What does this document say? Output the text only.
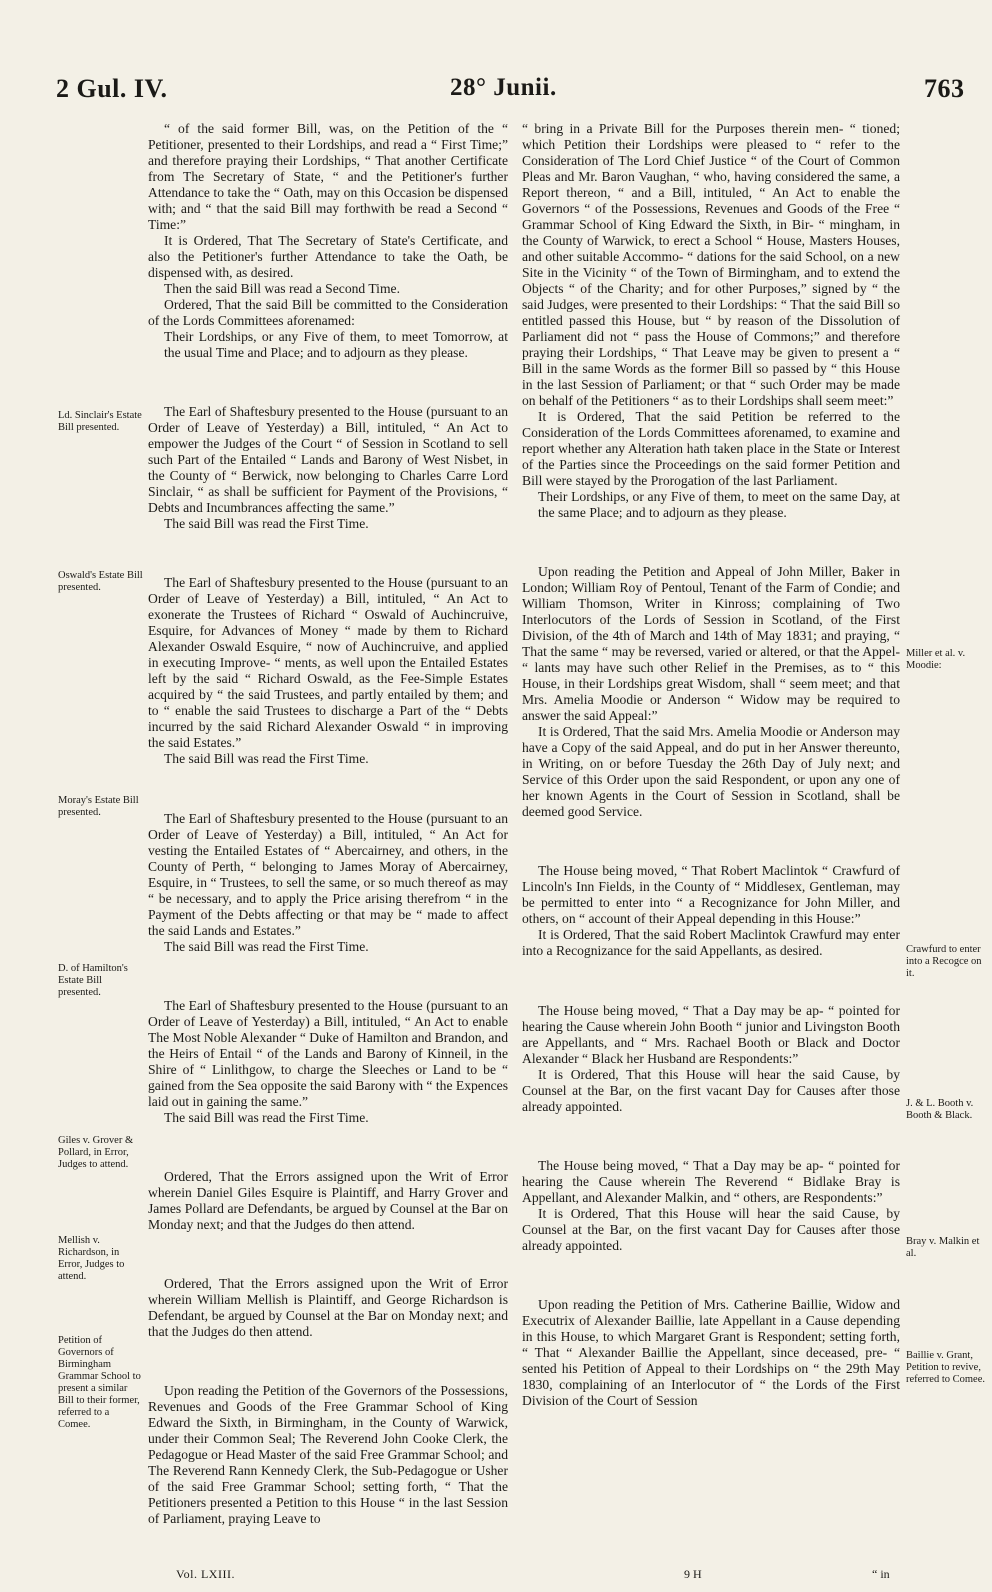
2 Gul. IV.	28° Junii.	763

“ of the said former Bill, was, on the Petition of the “ Petitioner, presented to their Lordships, and read a “ First Time;” and therefore praying their Lordships, “ That another Certificate from The Secretary of State, “ and the Petitioner's further Attendance to take the “ Oath, may on this Occasion be dispensed with; and “ that the said Bill may forthwith be read a Second “ Time:”

It is Ordered, That The Secretary of State's Certificate, and also the Petitioner's further Attendance to take the Oath, be dispensed with, as desired.

Then the said Bill was read a Second Time.

Ordered, That the said Bill be committed to the Consideration of the Lords Committees aforenamed:

Their Lordships, or any Five of them, to meet Tomorrow, at the usual Time and Place; and to adjourn as they please.

The Earl of Shaftesbury presented to the House (pursuant to an Order of Leave of Yesterday) a Bill, intituled, “ An Act to empower the Judges of the Court “ of Session in Scotland to sell such Part of the Entailed “ Lands and Barony of West Nisbet, in the County of “ Berwick, now belonging to Charles Carre Lord Sinclair, “ as shall be sufficient for Payment of the Provisions, “ Debts and Incumbrances affecting the same.”

The said Bill was read the First Time.

The Earl of Shaftesbury presented to the House (pursuant to an Order of Leave of Yesterday) a Bill, intituled, “ An Act to exonerate the Trustees of Richard “ Oswald of Auchincruive, Esquire, for Advances of Money “ made by them to Richard Alexander Oswald Esquire, “ now of Auchincruive, and applied in executing Improve- “ ments, as well upon the Entailed Estates left by the said “ Richard Oswald, as the Fee-Simple Estates acquired by “ the said Trustees, and partly entailed by them; and to “ enable the said Trustees to discharge a Part of the “ Debts incurred by the said Richard Alexander Oswald “ in improving the said Estates.”

The said Bill was read the First Time.

The Earl of Shaftesbury presented to the House (pursuant to an Order of Leave of Yesterday) a Bill, intituled, “ An Act for vesting the Entailed Estates of “ Abercairney, and others, in the County of Perth, “ belonging to James Moray of Abercairney, Esquire, in “ Trustees, to sell the same, or so much thereof as may “ be necessary, and to apply the Price arising therefrom “ in the Payment of the Debts affecting or that may be “ made to affect the said Lands and Estates.”

The said Bill was read the First Time.

The Earl of Shaftesbury presented to the House (pursuant to an Order of Leave of Yesterday) a Bill, intituled, “ An Act to enable The Most Noble Alexander “ Duke of Hamilton and Brandon, and the Heirs of Entail “ of the Lands and Barony of Kinneil, in the Shire of “ Linlithgow, to charge the Sleeches or Land to be “ gained from the Sea opposite the said Barony with “ the Expences laid out in gaining the same.”

The said Bill was read the First Time.

Ordered, That the Errors assigned upon the Writ of Error wherein Daniel Giles Esquire is Plaintiff, and Harry Grover and James Pollard are Defendants, be argued by Counsel at the Bar on Monday next; and that the Judges do then attend.

Ordered, That the Errors assigned upon the Writ of Error wherein William Mellish is Plaintiff, and George Richardson is Defendant, be argued by Counsel at the Bar on Monday next; and that the Judges do then attend.

Upon reading the Petition of the Governors of the Possessions, Revenues and Goods of the Free Grammar School of King Edward the Sixth, in Birmingham, in the County of Warwick, under their Common Seal; The Reverend John Cooke Clerk, the Pedagogue or Head Master of the said Free Grammar School; and The Reverend Rann Kennedy Clerk, the Sub-Pedagogue or Usher of the said Free Grammar School; setting forth, “ That the Petitioners presented a Petition to this House “ in the last Session of Parliament, praying Leave to

“ bring in a Private Bill for the Purposes therein men- “ tioned; which Petition their Lordships were pleased to “ refer to the Consideration of The Lord Chief Justice “ of the Court of Common Pleas and Mr. Baron Vaughan, “ who, having considered the same, a Report thereon, “ and a Bill, intituled, “ An Act to enable the Governors “ of the Possessions, Revenues and Goods of the Free “ Grammar School of King Edward the Sixth, in Bir- “ mingham, in the County of Warwick, to erect a School “ House, Masters Houses, and other suitable Accommo- “ dations for the said School, on a new Site in the Vicinity “ of the Town of Birmingham, and to extend the Objects “ of the Charity; and for other Purposes,” signed by “ the said Judges, were presented to their Lordships: “ That the said Bill so entitled passed this House, but “ by reason of the Dissolution of Parliament did not “ pass the House of Commons;” and therefore praying their Lordships, “ That Leave may be given to present a “ Bill in the same Words as the former Bill so passed by “ this House in the last Session of Parliament; or that “ such Order may be made on behalf of the Petitioners “ as to their Lordships shall seem meet:”

It is Ordered, That the said Petition be referred to the Consideration of the Lords Committees aforenamed, to examine and report whether any Alteration hath taken place in the State or Interest of the Parties since the Proceedings on the said former Petition and Bill were stayed by the Prorogation of the last Parliament.

Their Lordships, or any Five of them, to meet on the same Day, at the same Place; and to adjourn as they please.

Upon reading the Petition and Appeal of John Miller, Baker in London; William Roy of Pentoul, Tenant of the Farm of Condie; and William Thomson, Writer in Kinross; complaining of Two Interlocutors of the Lords of Session in Scotland, of the First Division, of the 4th of March and 14th of May 1831; and praying, “ That the same “ may be reversed, varied or altered, or that the Appel- “ lants may have such other Relief in the Premises, as to “ this House, in their Lordships great Wisdom, shall “ seem meet; and that Mrs. Amelia Moodie or Anderson “ Widow may be required to answer the said Appeal:”

It is Ordered, That the said Mrs. Amelia Moodie or Anderson may have a Copy of the said Appeal, and do put in her Answer thereunto, in Writing, on or before Tuesday the 26th Day of July next; and Service of this Order upon the said Respondent, or upon any one of her known Agents in the Court of Session in Scotland, shall be deemed good Service.

The House being moved, “ That Robert Maclintok “ Crawfurd of Lincoln's Inn Fields, in the County of “ Middlesex, Gentleman, may be permitted to enter into “ a Recognizance for John Miller, and others, on “ account of their Appeal depending in this House:”

It is Ordered, That the said Robert Maclintok Crawfurd may enter into a Recognizance for the said Appellants, as desired.

The House being moved, “ That a Day may be ap- “ pointed for hearing the Cause wherein John Booth “ junior and Livingston Booth are Appellants, and “ Mrs. Rachael Booth or Black and Doctor Alexander “ Black her Husband are Respondents:”

It is Ordered, That this House will hear the said Cause, by Counsel at the Bar, on the first vacant Day for Causes after those already appointed.

The House being moved, “ That a Day may be ap- “ pointed for hearing the Cause wherein The Reverend “ Bidlake Bray is Appellant, and Alexander Malkin, and “ others, are Respondents:”

It is Ordered, That this House will hear the said Cause, by Counsel at the Bar, on the first vacant Day for Causes after those already appointed.

Upon reading the Petition of Mrs. Catherine Baillie, Widow and Executrix of Alexander Baillie, late Appellant in a Cause depending in this House, to which Margaret Grant is Respondent; setting forth, “ That “ Alexander Baillie the Appellant, since deceased, pre- “ sented his Petition of Appeal to their Lordships on “ the 29th May 1830, complaining of an Interlocutor of “ the Lords of the First Division of the Court of Session

Ld. Sinclair's Estate Bill presented.
Oswald's Estate Bill presented.
Moray's Estate Bill presented.
D. of Hamilton's Estate Bill presented.
Giles v. Grover & Pollard, in Error, Judges to attend.
Mellish v. Richardson, in Error, Judges to attend.
Petition of Governors of Birmingham Grammar School to present a similar Bill to their former, referred to a Comee.
Miller et al. v. Moodie:
Crawfurd to enter into a Recogce on it.
J. & L. Booth v. Booth & Black.
Bray v. Malkin et al.
Baillie v. Grant, Petition to revive, referred to Comee.
Vol. LXIII.	9 H	“ in
